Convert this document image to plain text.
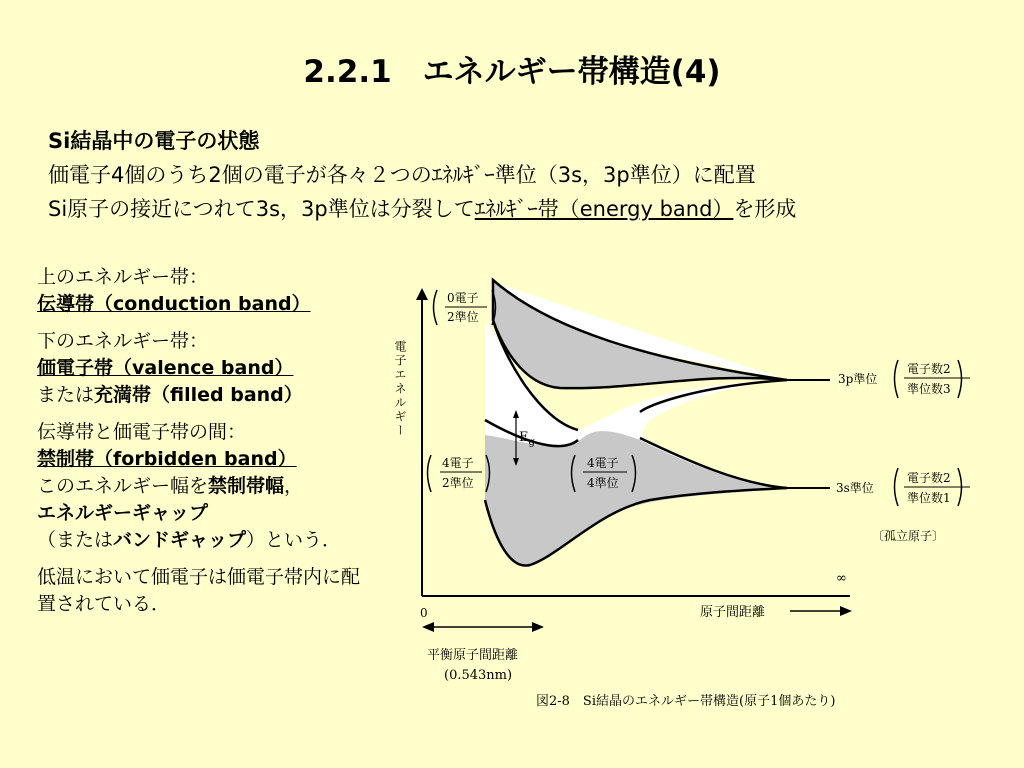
2.2.1　エネルギー帯構造(4)
Si結晶中の電子の状態
価電子4個のうち2個の電子が各々２つのｴﾈﾙｷﾞｰ準位（3s，3p準位）に配置
Si原子の接近につれて3s，3p準位は分裂してｴﾈﾙｷﾞｰ帯（energy band）を形成

上のエネルギー帯：
伝導帯（conduction band）

下のエネルギー帯：
価電子帯（valence band）
または充満帯（filled band）

伝導帯と価電子帯の間：
禁制帯（forbidden band）
このエネルギー幅を禁制帯幅，
エネルギーギャップ
（またはバンドギャップ）という．

低温において価電子は価電子帯内に配置されている．

0電子
2準位
4電子
2準位
4電子
4準位
3p準位
電子数2
準位数3
3s準位
電子数2
準位数1
〔孤立原子〕
0
∞
原子間距離
平衡原子間距離
(0.543nm)
図2-8　Si結晶のエネルギー帯構造(原子1個あたり)
$E_g$
電子エネルギー
